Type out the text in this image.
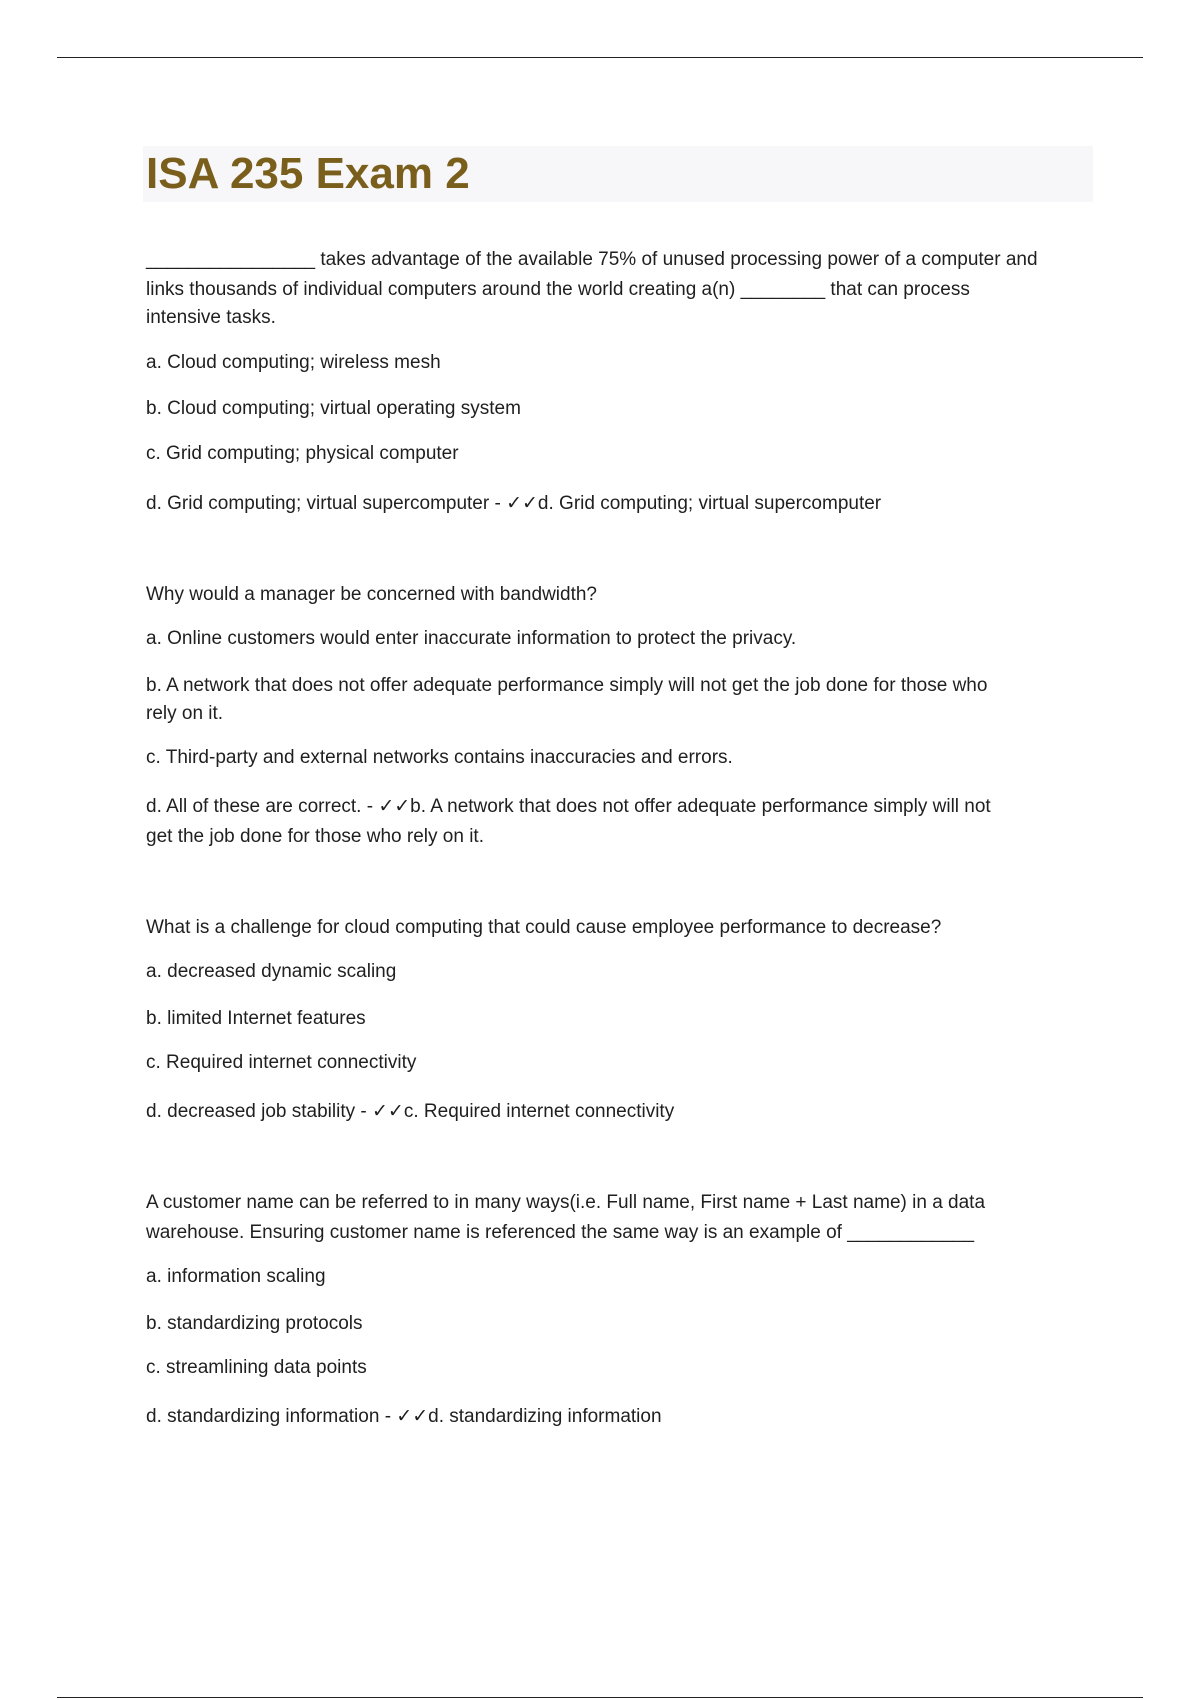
ISA 235 Exam 2
________________ takes advantage of the available 75% of unused processing power of a computer and
links thousands of individual computers around the world creating a(n) ________ that can process
intensive tasks.
a. Cloud computing; wireless mesh
b. Cloud computing; virtual operating system
c. Grid computing; physical computer
d. Grid computing; virtual supercomputer - ✓✓d. Grid computing; virtual supercomputer
Why would a manager be concerned with bandwidth?
a. Online customers would enter inaccurate information to protect the privacy.
b. A network that does not offer adequate performance simply will not get the job done for those who
rely on it.
c. Third-party and external networks contains inaccuracies and errors.
d. All of these are correct. - ✓✓b. A network that does not offer adequate performance simply will not
get the job done for those who rely on it.
What is a challenge for cloud computing that could cause employee performance to decrease?
a. decreased dynamic scaling
b. limited Internet features
c. Required internet connectivity
d. decreased job stability - ✓✓c. Required internet connectivity
A customer name can be referred to in many ways(i.e. Full name, First name + Last name) in a data
warehouse. Ensuring customer name is referenced the same way is an example of ____________
a. information scaling
b. standardizing protocols
c. streamlining data points
d. standardizing information - ✓✓d. standardizing information
